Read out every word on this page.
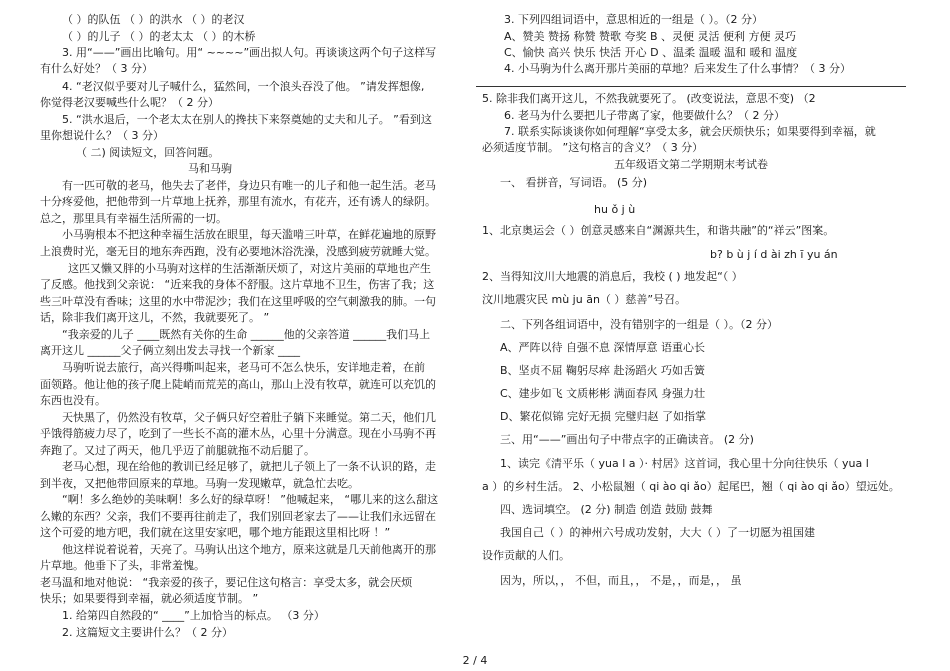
（ ）的队伍 （ ）的洪水 （ ）的老汉
（ ）的儿子 （ ）的老太太 （ ）的木桥
3. 用“——”画出比喻句。用“ ~~~~”画出拟人句。再谈谈这两个句子这样写
有什么好处？（ 3 分）
4. “老汉似乎要对儿子喊什么，猛然间，一个浪头吞没了他。 ”请发挥想像,
你觉得老汉要喊些什么呢？（ 2 分）
5. “洪水退后，一个老太太在别人的搀扶下来祭奠她的丈夫和儿子。 ”看到这
里你想说什么？（ 3 分）
（ 二) 阅读短文，回答问题。
马和马驹
有一匹可敬的老马，他失去了老伴，身边只有唯一的儿子和他一起生活。老马
十分疼爱他，把他带到一片草地上抚养，那里有流水，有花卉，还有诱人的绿阴。
总之，那里具有幸福生活所需的一切。
小马驹根本不把这种幸福生活放在眼里，每天滥啃三叶草，在鲜花遍地的原野
上浪费时光，毫无目的地东奔西跑，没有必要地沐浴洗澡，没感到疲劳就睡大觉。
这匹又懒又胖的小马驹对这样的生活渐渐厌烦了，对这片美丽的草地也产生
了反感。他找到父亲说： “近来我的身体不舒服。这片草地不卫生，伤害了我；这
些三叶草没有香味；这里的水中带泥沙；我们在这里呼吸的空气刺激我的肺。一句
话，除非我们离开这儿，不然，我就要死了。 ”
“我亲爱的儿子 ____既然有关你的生命 ______他的父亲答道 ______我们马上
离开这儿 ______父子俩立刻出发去寻找一个新家 ____
马驹听说去旅行，高兴得嘶叫起来，老马可不怎么快乐，安详地走着，在前
面领路。他让他的孩子爬上陡峭而荒芜的高山，那山上没有牧草，就连可以充饥的
东西也没有。
天快黑了，仍然没有牧草，父子俩只好空着肚子躺下来睡觉。第二天，他们几
乎饿得筋疲力尽了，吃到了一些长不高的灌木丛，心里十分满意。现在小马驹不再
奔跑了。又过了两天，他几乎迈了前腿就拖不动后腿了。
老马心想，现在给他的教训已经足够了，就把儿子领上了一条不认识的路，走
到半夜，又把他带回原来的草地。马驹一发现嫩草，就急忙去吃。
“啊！多么绝妙的美味啊！多么好的绿草呀！ ”他喊起来， “哪儿来的这么甜这
么嫩的东西？父亲，我们不要再往前走了，我们别回老家去了——让我们永远留在
这个可爱的地方吧，我们就在这里安家吧，哪个地方能跟这里相比呀 ！”
他这样说着说着，天亮了。马驹认出这个地方，原来这就是几天前他离开的那
片草地。他垂下了头，非常羞愧。
老马温和地对他说： “我亲爱的孩子，要记住这句格言：享受太多，就会厌烦
快乐；如果要得到幸福，就必须适度节制。 ”
1. 给第四自然段的“ ____”上加恰当的标点。 （3 分）
2. 这篇短文主要讲什么？（ 2 分）
3. 下列四组词语中，意思相近的一组是（ ）。（2 分）
A、赞美 赞扬 称赞 赞歌 夸奖 B 、灵便 灵活 便利 方便 灵巧
C、愉快 高兴 快乐 快活 开心 D 、温柔 温暖 温和 暖和 温度
4. 小马驹为什么离开那片美丽的草地？后来发生了什么事情？（ 3 分）
5. 除非我们离开这儿，不然我就要死了。 (改变说法，意思不变) （2
6. 老马为什么要把儿子带离了家，他要做什么？（ 2 分）
7. 联系实际谈谈你如何理解“享受太多，就会厌烦快乐；如果要得到幸福，就
必须适度节制。 ”这句格言的含义？（ 3 分）
五年级语文第二学期期末考试卷
一、 看拼音，写词语。 (5 分)
hu ǒ j ù
1、北京奥运会（ ）创意灵感来自“渊源共生，和谐共融”的“祥云”图案。
b? b ù j í d ài zh ī yu án
2、当得知汶川大地震的消息后，我校 ( ) 地发起“（ ）
汶川地震灾民 mù ju ān（ ）慈善”号召。
二、下列各组词语中，没有错别字的一组是（ ）。（2 分）
A、严阵以待 自强不息 深情厚意 语重心长
B、坚贞不屈 鞠躬尽瘁 赴汤蹈火 巧如舌簧
C、建步如飞 文质彬彬 满面春风 身强力壮
D、繁花似锦 完好无损 完璧归赵 了如指掌
三、用“——”画出句子中带点字的正确读音。 (2 分)
1、读完《清平乐（ yua l a ）· 村居》这首词，我心里十分向往快乐（ yua l
a ）的乡村生活。 2、小松鼠翘（ qi ào qi ǎo）起尾巴，翘（ qi ào qi ǎo）望远处。
四、选词填空。 (2 分) 制造 创造 鼓励 鼓舞
我国自己（ ）的神州六号成功发射，大大（ ）了一切愿为祖国建
设作贡献的人们。
因为，所以，， 不但，而且，， 不是，，而是，， 虽
2 / 4
